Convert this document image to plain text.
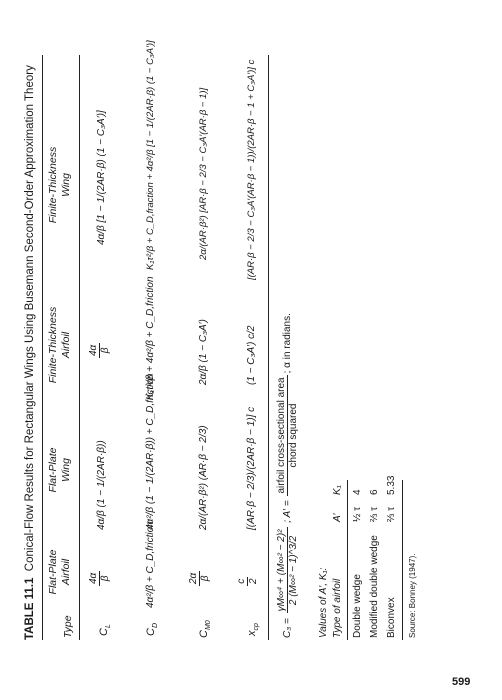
TABLE 11.1  Conical-Flow Results for Rectangular Wings Using Busemann Second-Order Approximation Theory
Type
Flat-Plate Airfoil
Flat-Plate Wing
Finite-Thickness Airfoil
Finite-Thickness Wing
$C_L$
4α β
4α/β (1 − 1/(2AR·β))
4α β
4α/β [1 − 1/(2AR·β) (1 − C₃A′)]
$C_D$
4α²/β + C_D,friction
4α²/β (1 − 1/(2AR·β)) + C_D,friction
K₁τ²/β + 4α²/β + C_D,friction
K₁τ²/β + C_D,fraction + 4α²/β [1 − 1/(2AR·β) (1 − C₃A′)]
$C_{M0}$
2α β
2α/(AR·β²) (AR·β − 2/3)
2α/β (1 − C₃A′)
2α/(AR·β²) [AR·β − 2/3 − C₃A′(AR·β − 1)]
$x_{cp}$
c 2
[(AR·β − 2/3)/(2AR·β − 1)] c
(1 − C₃A′) c/2
[(AR·β − 2/3 − C₃A′(AR·β − 1))/(2AR·β − 1 + C₃A′)] c
C₃ =
γM∞⁴ + (M∞² − 2)² 2 (M∞² − 1)^3/2
; A′ =
airfoil cross-sectional area chord squared
; α in radians.
Values of A′, K₁: Type of airfoil
A′
K₁
Double wedge
½ τ
4
Modified double wedge
⅔ τ
6
Biconvex
⅔ τ
5.33
Source: Bonney (1947).
599
